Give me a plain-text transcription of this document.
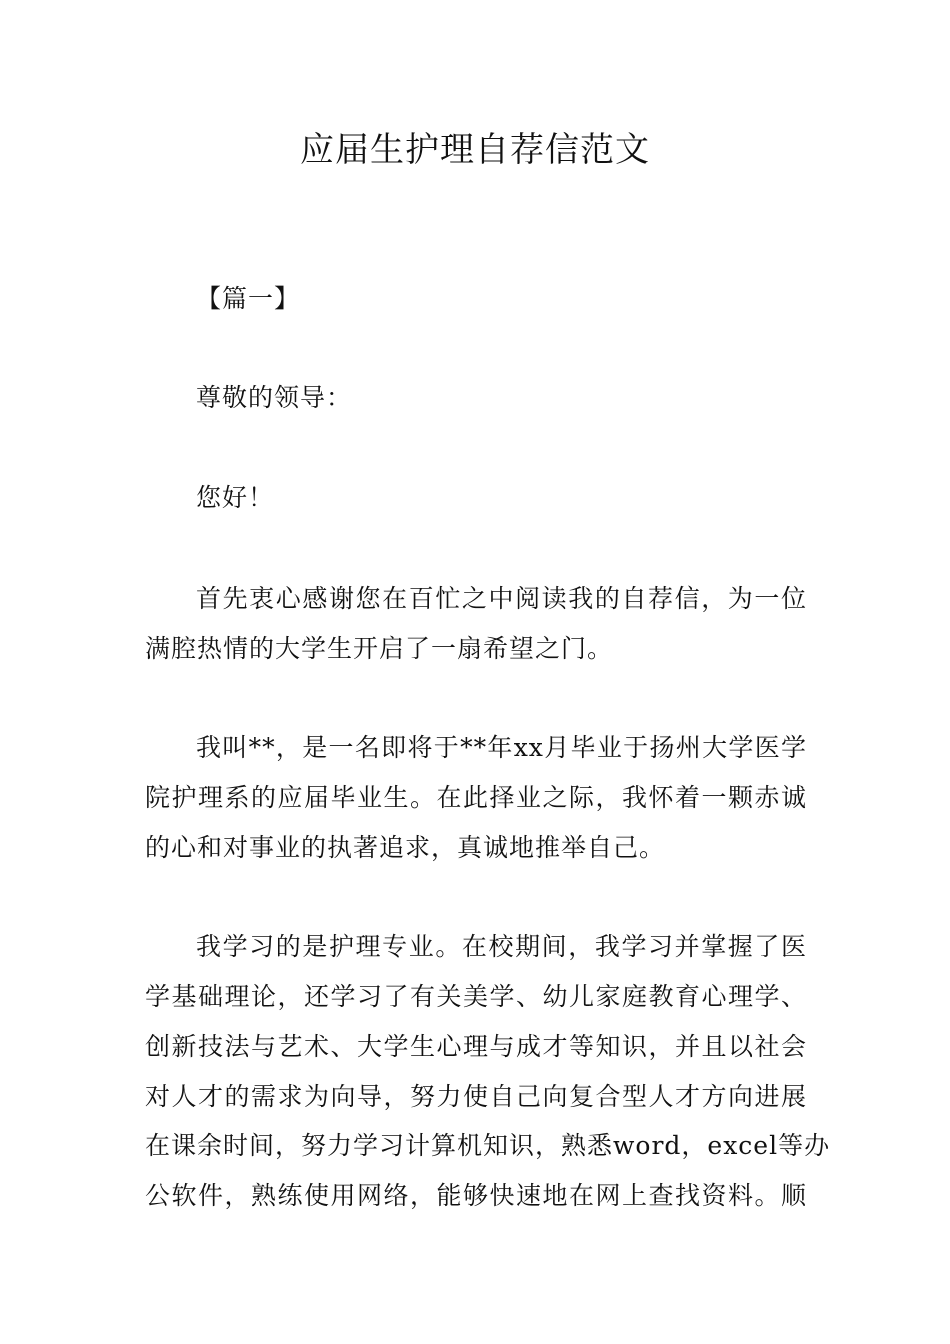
应届生护理自荐信范文
【篇一】
尊敬的领导：
您好！
首先衷心感谢您在百忙之中阅读我的自荐信，为一位
满腔热情的大学生开启了一扇希望之门。
我叫**，是一名即将于**年xx月毕业于扬州大学医学
院护理系的应届毕业生。在此择业之际，我怀着一颗赤诚
的心和对事业的执著追求，真诚地推举自己。
我学习的是护理专业。在校期间，我学习并掌握了医
学基础理论，还学习了有关美学、幼儿家庭教育心理学、
创新技法与艺术、大学生心理与成才等知识，并且以社会
对人才的需求为向导，努力使自己向复合型人才方向进展
在课余时间，努力学习计算机知识，熟悉word，excel等办
公软件，熟练使用网络，能够快速地在网上查找资料。顺
